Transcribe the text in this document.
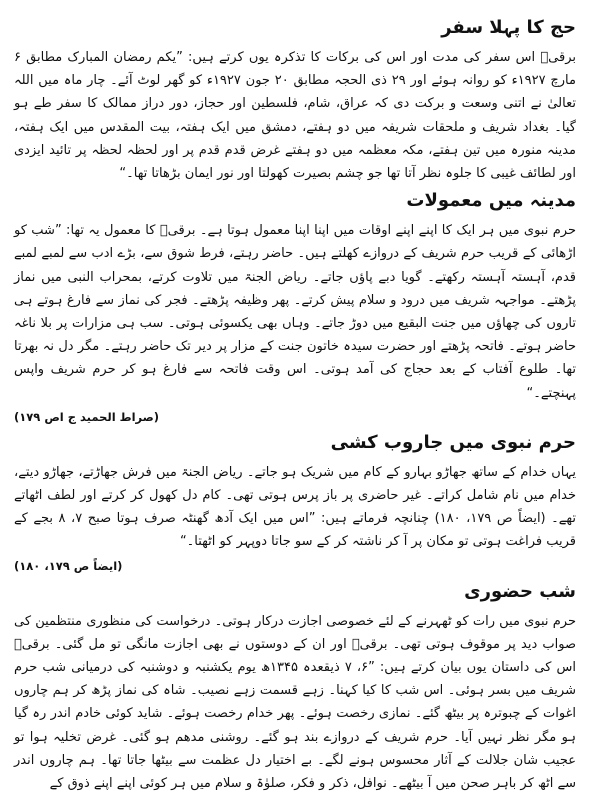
حج کا پہلا سفر

برقیؒ اس سفر کی مدت اور اس کی برکات کا تذکرہ یوں کرتے ہیں: ”یکم رمضان المبارک مطابق ۶ مارچ ۱۹۲۷ء کو روانہ ہوئے اور ۲۹ ذی الحجہ مطابق ۲۰ جون ۱۹۲۷ء کو گھر لوٹ آئے۔ چار ماہ میں اللہ تعالیٰ نے اتنی وسعت و برکت دی کہ عراق، شام، فلسطین اور حجاز، دور دراز ممالک کا سفر طے ہو گیا۔ بغداد شریف و ملحقات شریفہ میں دو ہفتے، دمشق میں ایک ہفتہ، بیت المقدس میں ایک ہفتہ، مدینہ منورہ میں تین ہفتے، مکہ معظمہ میں دو ہفتے غرض قدم قدم پر اور لحظہ لحظہ پر تائید ایزدی اور لطائف غیبی کا جلوہ نظر آتا تھا جو چشم بصیرت کھولتا اور نور ایمان بڑھاتا تھا۔“

مدینہ میں معمولات

حرم نبوی میں ہر ایک کا اپنے اپنے اوقات میں اپنا اپنا معمول ہوتا ہے۔ برقیؒ کا معمول یہ تھا: ”شب کو اڑھائی کے قریب حرم شریف کے دروازے کھلتے ہیں۔ حاضر رہتے، فرط شوق سے، بڑے ادب سے لمبے لمبے قدم، آہستہ آہستہ رکھتے۔ گویا دبے پاؤں جاتے۔ ریاض الجنۃ میں تلاوت کرتے، بمحراب النبی میں نماز پڑھتے۔ مواجہہ شریف میں درود و سلام پیش کرتے۔ پھر وظیفہ پڑھتے۔ فجر کی نماز سے فارغ ہوتے ہی تاروں کی چھاؤں میں جنت البقیع میں دوڑ جاتے۔ وہاں بھی یکسوئی ہوتی۔ سب ہی مزارات پر بلا ناغہ حاضر ہوتے۔ فاتحہ پڑھتے اور حضرت سیدہ خاتون جنت کے مزار پر دیر تک حاضر رہتے۔ مگر دل نہ بھرتا تھا۔ طلوع آفتاب کے بعد حجاج کی آمد ہوتی۔ اس وقت فاتحہ سے فارغ ہو کر حرم شریف واپس پہنچتے۔“

(صراط الحمید ج اص ۱۷۹)
حرم نبوی میں جاروب کشی

یہاں خدام کے ساتھ جھاڑو بہارو کے کام میں شریک ہو جاتے۔ ریاض الجنۃ میں فرش جھاڑتے، جھاڑو دیتے، خدام میں نام شامل کراتے۔ غیر حاضری پر باز پرس ہوتی تھی۔ کام دل کھول کر کرتے اور لطف اٹھاتے تھے۔ (ایضاً ص ۱۷۹، ۱۸۰) چنانچہ فرماتے ہیں: ”اس میں ایک آدھ گھنٹہ صرف ہوتا صبح ۷، ۸ بجے کے قریب فراغت ہوتی تو مکان پر آ کر ناشتہ کر کے سو جاتا دوپہر کو اٹھتا۔“

(ایضاً ص ۱۷۹، ۱۸۰)
شب حضوری

حرم نبوی میں رات کو ٹھہرنے کے لئے خصوصی اجازت درکار ہوتی۔ درخواست کی منظوری منتظمین کی صواب دید پر موقوف ہوتی تھی۔ برقیؒ اور ان کے دوستوں نے بھی اجازت مانگی تو مل گئی۔ برقیؒ اس کی داستان یوں بیان کرتے ہیں: ”۶، ۷ ذیقعدہ ۱۳۴۵ھ یوم یکشنبہ و دوشنبہ کی درمیانی شب حرم شریف میں بسر ہوئی۔ اس شب کا کیا کہنا۔ زہے قسمت زہے نصیب۔ شاہ کی نماز پڑھ کر ہم چاروں اغوات کے چبوترہ پر بیٹھ گئے۔ نمازی رخصت ہوئے۔ پھر خدام رخصت ہوئے۔ شاید کوئی خادم اندر رہ گیا ہو مگر نظر نہیں آیا۔ حرم شریف کے دروازے بند ہو گئے۔ روشنی مدھم ہو گئی۔ غرض تخلیہ ہوا تو عجیب شان جلالت کے آثار محسوس ہونے لگے۔ بے اختیار دل عظمت سے بیٹھا جاتا تھا۔ ہم چاروں اندر سے اٹھ کر باہر صحن میں آ بیٹھے۔ نوافل، ذکر و فکر، صلوٰۃ و سلام میں ہر کوئی اپنے اپنے ذوق کے
